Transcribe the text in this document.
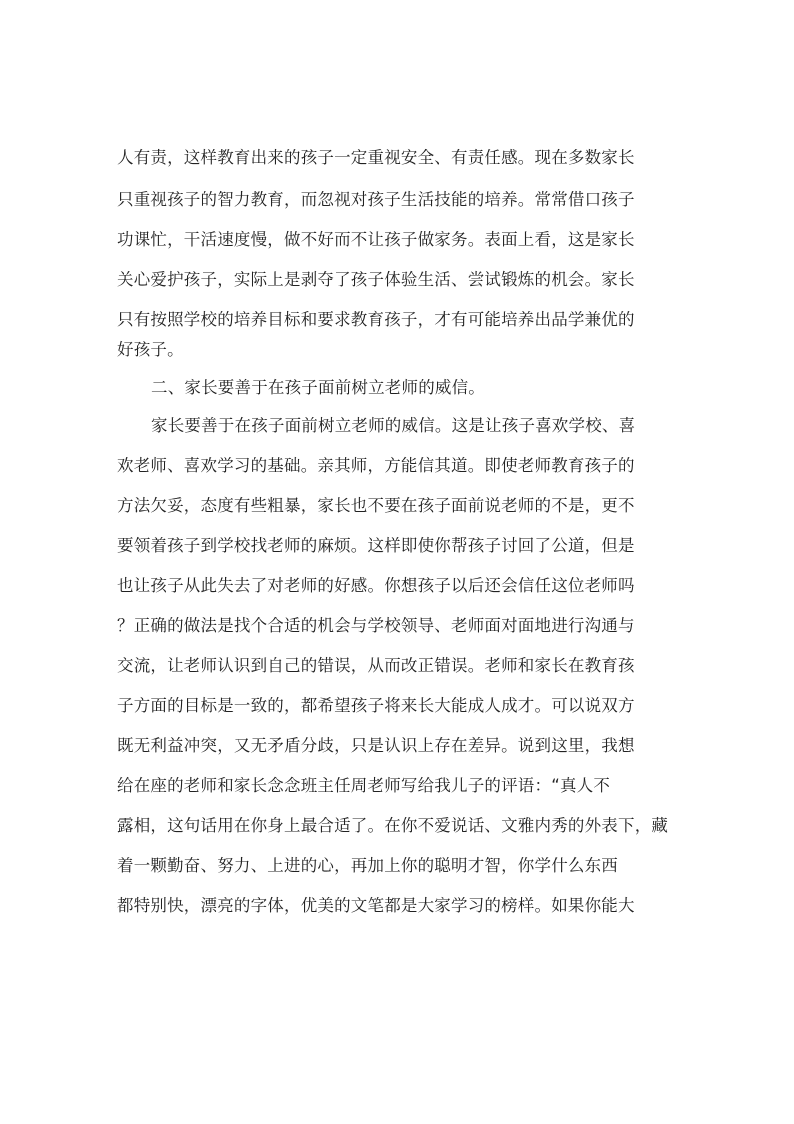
人有责，这样教育出来的孩子一定重视安全、有责任感。现在多数家长
只重视孩子的智力教育，而忽视对孩子生活技能的培养。常常借口孩子
功课忙，干活速度慢，做不好而不让孩子做家务。表面上看，这是家长
关心爱护孩子，实际上是剥夺了孩子体验生活、尝试锻炼的机会。家长
只有按照学校的培养目标和要求教育孩子，才有可能培养出品学兼优的
好孩子。
二、家长要善于在孩子面前树立老师的威信。
家长要善于在孩子面前树立老师的威信。这是让孩子喜欢学校、喜
欢老师、喜欢学习的基础。亲其师，方能信其道。即使老师教育孩子的
方法欠妥，态度有些粗暴，家长也不要在孩子面前说老师的不是，更不
要领着孩子到学校找老师的麻烦。这样即使你帮孩子讨回了公道，但是
也让孩子从此失去了对老师的好感。你想孩子以后还会信任这位老师吗
？正确的做法是找个合适的机会与学校领导、老师面对面地进行沟通与
交流，让老师认识到自己的错误，从而改正错误。老师和家长在教育孩
子方面的目标是一致的，都希望孩子将来长大能成人成才。可以说双方
既无利益冲突，又无矛盾分歧，只是认识上存在差异。说到这里，我想
给在座的老师和家长念念班主任周老师写给我儿子的评语：“真人不
露相，这句话用在你身上最合适了。在你不爱说话、文雅内秀的外表下，藏
着一颗勤奋、努力、上进的心，再加上你的聪明才智，你学什么东西
都特别快，漂亮的字体，优美的文笔都是大家学习的榜样。如果你能大
